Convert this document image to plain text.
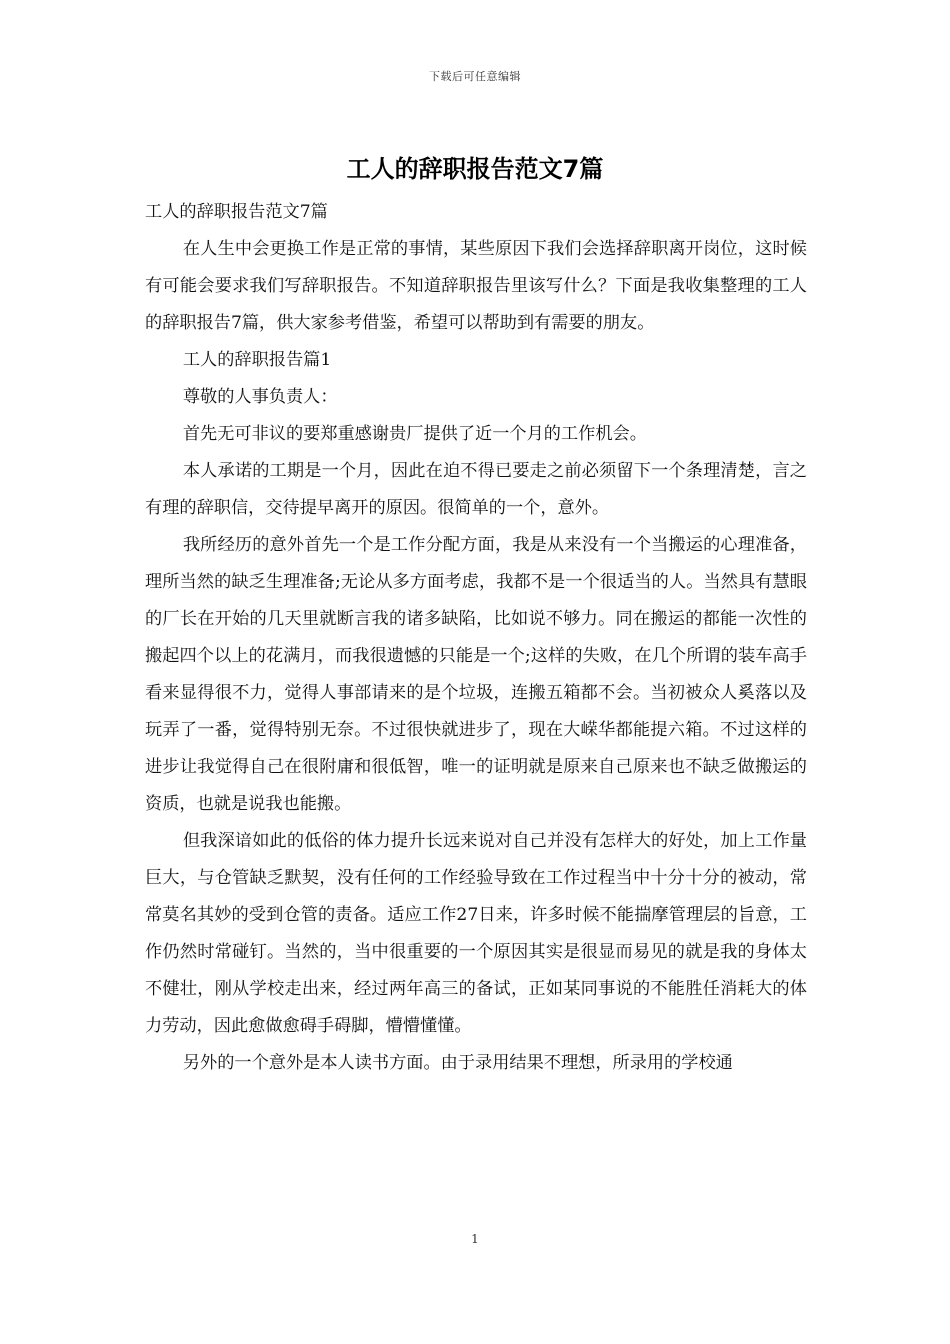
下载后可任意编辑
工人的辞职报告范文7篇

工人的辞职报告范文7篇

在人生中会更换工作是正常的事情，某些原因下我们会选择辞职离开岗位，这时候有可能会要求我们写辞职报告。不知道辞职报告里该写什么？下面是我收集整理的工人的辞职报告7篇，供大家参考借鉴，希望可以帮助到有需要的朋友。

工人的辞职报告篇1

尊敬的人事负责人：

首先无可非议的要郑重感谢贵厂提供了近一个月的工作机会。

本人承诺的工期是一个月，因此在迫不得已要走之前必须留下一个条理清楚，言之有理的辞职信，交待提早离开的原因。很简单的一个，意外。

我所经历的意外首先一个是工作分配方面，我是从来没有一个当搬运的心理准备，理所当然的缺乏生理准备;无论从多方面考虑，我都不是一个很适当的人。当然具有慧眼的厂长在开始的几天里就断言我的诸多缺陷，比如说不够力。同在搬运的都能一次性的搬起四个以上的花满月，而我很遗憾的只能是一个;这样的失败，在几个所谓的装车高手看来显得很不力，觉得人事部请来的是个垃圾，连搬五箱都不会。当初被众人奚落以及玩弄了一番，觉得特别无奈。不过很快就进步了，现在大嵘华都能提六箱。不过这样的进步让我觉得自己在很附庸和很低智，唯一的证明就是原来自己原来也不缺乏做搬运的资质，也就是说我也能搬。

但我深谙如此的低俗的体力提升长远来说对自己并没有怎样大的好处，加上工作量巨大，与仓管缺乏默契，没有任何的工作经验导致在工作过程当中十分十分的被动，常常莫名其妙的受到仓管的责备。适应工作27日来，许多时候不能揣摩管理层的旨意，工作仍然时常碰钉。当然的，当中很重要的一个原因其实是很显而易见的就是我的身体太不健壮，刚从学校走出来，经过两年高三的备试，正如某同事说的不能胜任消耗大的体力劳动，因此愈做愈碍手碍脚，懵懵懂懂。

另外的一个意外是本人读书方面。由于录用结果不理想，所录用的学校通

1
